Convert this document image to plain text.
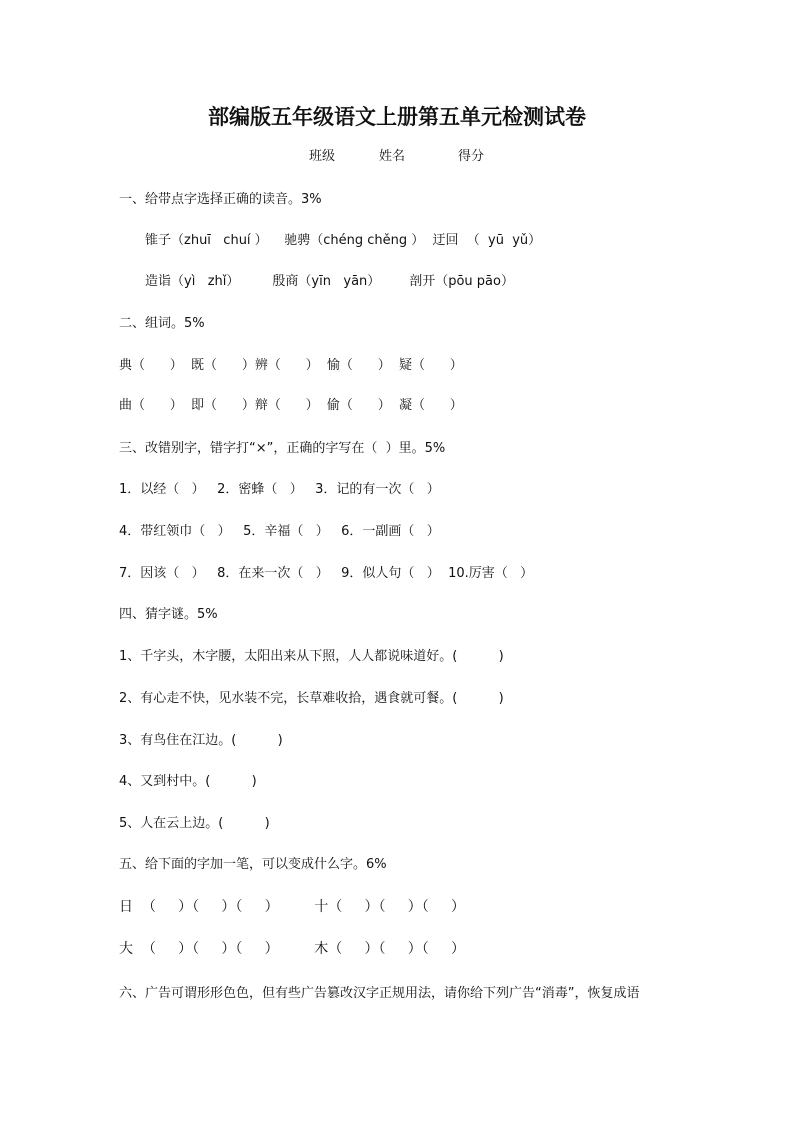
部编版五年级语文上册第五单元检测试卷
班级	姓名	得分
一、给带点字选择正确的读音。3%
锥子（zhuī   chuí ）    驰骋（chéng chěng ）  迂回  （  yū  yǔ）
造诣（yì   zhǐ）        殷商（yīn   yān）       剖开（pōu pāo）
二、组词。5%
典（      ）  既（      ）辨（      ）  愉（      ）  疑（      ）
曲（      ）  即（      ）辩（      ）  偷（      ）  凝（      ）
三、改错别字，错字打“×”，正确的字写在（  ）里。5%
1．以经（   ）   2．密蜂（   ）   3．记的有一次（   ）
4．带红领巾（   ）   5．辛福（   ）   6．一副画（   ）
7．因该（   ）   8．在来一次（   ）   9．似人句（   ）  10.厉害（   ）
四、猜字谜。5%
1、千字头，木字腰，太阳出来从下照，人人都说味道好。(          )
2、有心走不快，见水装不完，长草难收拾，遇食就可餐。(          )
3、有鸟住在江边。(          )
4、又到村中。(          )
5、人在云上边。(          )
五、给下面的字加一笔，可以变成什么字。6%
日  （     ）（     ）（     ）        十（     ）（     ）（     ）
大  （     ）（     ）（     ）        木（     ）（     ）（     ）
六、广告可谓形形色色，但有些广告篡改汉字正规用法，请你给下列广告“消毒”，恢复成语
